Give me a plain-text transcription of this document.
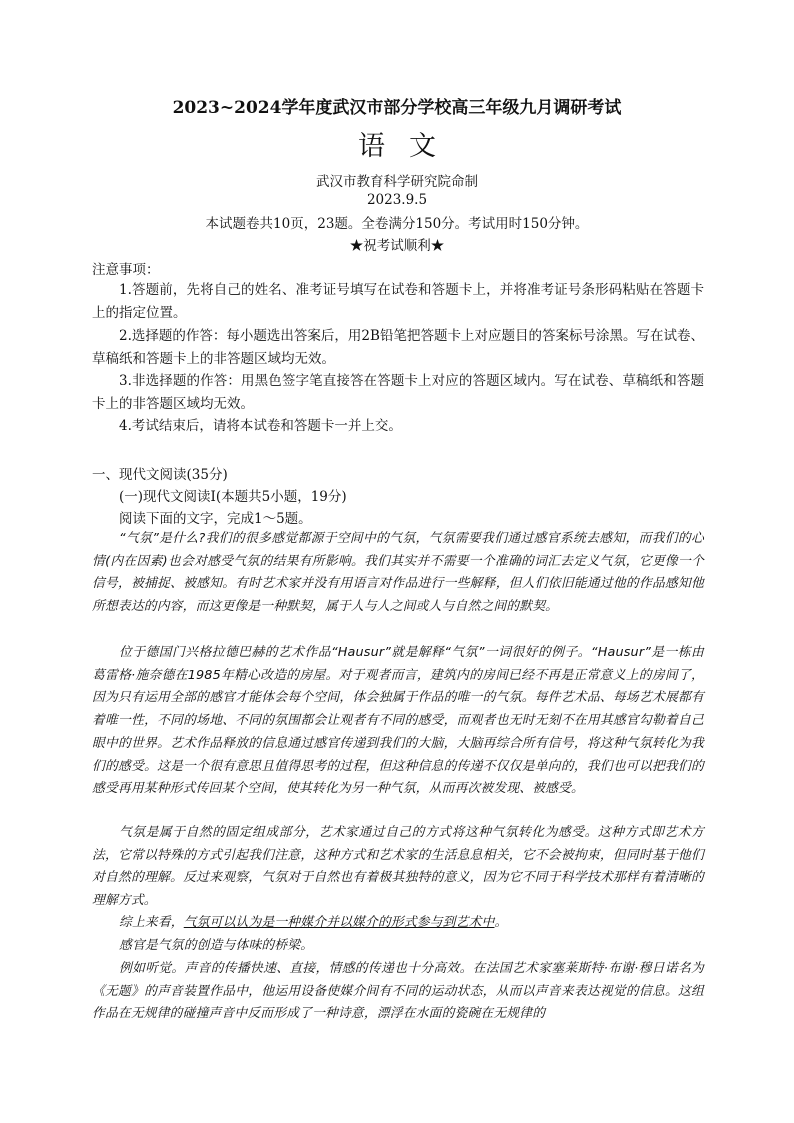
2023~2024学年度武汉市部分学校高三年级九月调研考试
语文
武汉市教育科学研究院命制
2023.9.5
本试题卷共10页，23题。全卷满分150分。考试用时150分钟。
★祝考试顺利★
注意事项：
1.答题前，先将自己的姓名、准考证号填写在试卷和答题卡上，并将准考证号条形码粘贴在答题卡上的指定位置。
2.选择题的作答：每小题选出答案后，用2B铅笔把答题卡上对应题目的答案标号涂黑。写在试卷、草稿纸和答题卡上的非答题区域均无效。
3.非选择题的作答：用黑色签字笔直接答在答题卡上对应的答题区域内。写在试卷、草稿纸和答题卡上的非答题区域均无效。
4.考试结束后，请将本试卷和答题卡一并上交。
一、现代文阅读(35分)
(一)现代文阅读Ⅰ(本题共5小题，19分)
阅读下面的文字，完成1～5题。
“气氛”是什么?我们的很多感觉都源于空间中的气氛，气氛需要我们通过感官系统去感知，而我们的心情(内在因素)也会对感受气氛的结果有所影响。我们其实并不需要一个准确的词汇去定义气氛，它更像一个信号，被捕捉、被感知。有时艺术家并没有用语言对作品进行一些解释，但人们依旧能通过他的作品感知他所想表达的内容，而这更像是一种默契，属于人与人之间或人与自然之间的默契。
位于德国门兴格拉德巴赫的艺术作品“Hausur”就是解释“气氛”一词很好的例子。“Hausur”是一栋由葛雷格·施奈德在1985年精心改造的房屋。对于观者而言，建筑内的房间已经不再是正常意义上的房间了，因为只有运用全部的感官才能体会每个空间，体会独属于作品的唯一的气氛。每件艺术品、每场艺术展都有着唯一性，不同的场地、不同的氛围都会让观者有不同的感受，而观者也无时无刻不在用其感官勾勒着自己眼中的世界。艺术作品释放的信息通过感官传递到我们的大脑，大脑再综合所有信号，将这种气氛转化为我们的感受。这是一个很有意思且值得思考的过程，但这种信息的传递不仅仅是单向的，我们也可以把我们的感受再用某种形式传回某个空间，使其转化为另一种气氛，从而再次被发现、被感受。
气氛是属于自然的固定组成部分，艺术家通过自己的方式将这种气氛转化为感受。这种方式即艺术方法，它常以特殊的方式引起我们注意，这种方式和艺术家的生活息息相关，它不会被拘束，但同时基于他们对自然的理解。反过来观察，气氛对于自然也有着极其独特的意义，因为它不同于科学技术那样有着清晰的理解方式。
综上来看，气氛可以认为是一种媒介并以媒介的形式参与到艺术中。
感官是气氛的创造与体味的桥梁。
例如听觉。声音的传播快速、直接，情感的传递也十分高效。在法国艺术家塞莱斯特·布谢·穆日诺名为《无题》的声音装置作品中，他运用设备使媒介间有不同的运动状态，从而以声音来表达视觉的信息。这组作品在无规律的碰撞声音中反而形成了一种诗意，漂浮在水面的瓷碗在无规律的
